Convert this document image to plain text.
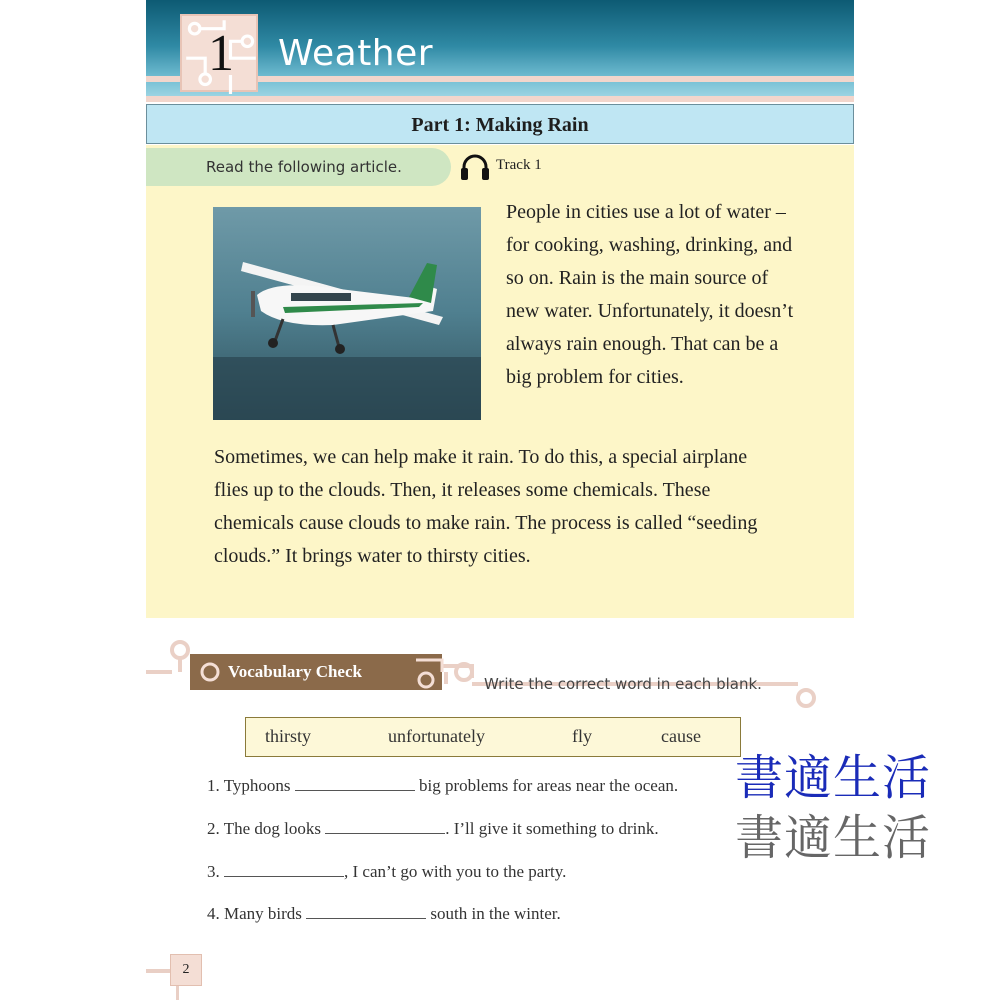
1	Weather
Part 1: Making Rain
Read the following article.	Track 1

People in cities use a lot of water – for cooking, washing, drinking, and so on. Rain is the main source of new water. Unfortunately, it doesn’t always rain enough. That can be a big problem for cities.

Sometimes, we can help make it rain. To do this, a special airplane flies up to the clouds. Then, it releases some chemicals. These chemicals cause clouds to make rain. The process is called “seeding clouds.” It brings water to thirsty cities.

Vocabulary Check
Write the correct word in each blank.
thirsty	unfortunately	fly	cause
1. Typhoons	big problems for areas near the ocean.
2. The dog looks	. I’ll give it something to drink.
3.	, I can’t go with you to the party.
4. Many birds	south in the winter.
書適生活
書適生活
2
